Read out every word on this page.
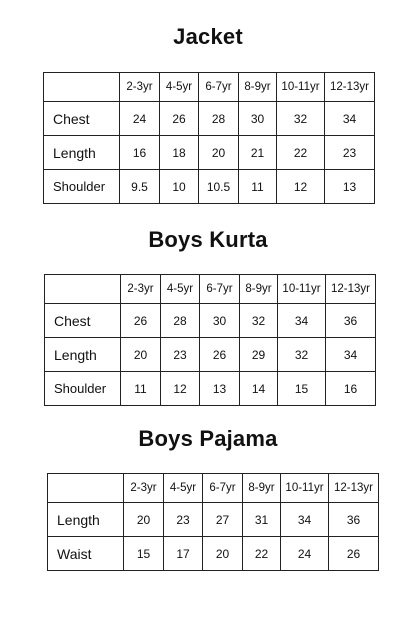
Jacket
	2-3yr	4-5yr	6-7yr	8-9yr	10-11yr	12-13yr
Chest	24	26	28	30	32	34
Length	16	18	20	21	22	23
Shoulder	9.5	10	10.5	11	12	13
Boys Kurta
	2-3yr	4-5yr	6-7yr	8-9yr	10-11yr	12-13yr
Chest	26	28	30	32	34	36
Length	20	23	26	29	32	34
Shoulder	11	12	13	14	15	16
Boys Pajama
	2-3yr	4-5yr	6-7yr	8-9yr	10-11yr	12-13yr
Length	20	23	27	31	34	36
Waist	15	17	20	22	24	26
